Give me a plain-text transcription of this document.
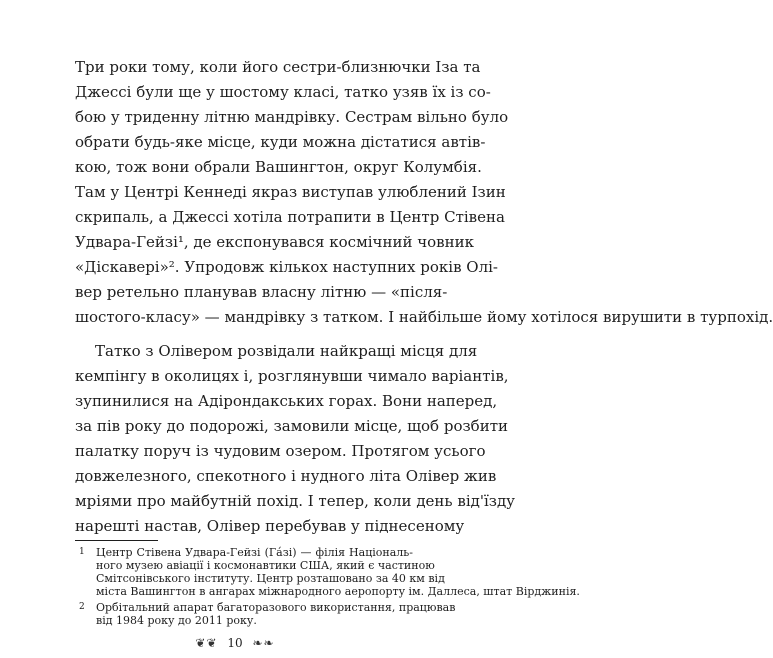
Три роки тому, коли його сестри-близнючки Іза та
Джессі були ще у шостому класі, татко узяв їх із со-
бою у триденну літню мандрівку. Сестрам вільно було
обрати будь-яке місце, куди можна дістатися автів-
кою, тож вони обрали Вашингтон, округ Колумбія.
Там у Центрі Кеннеді якраз виступав улюблений Ізин
скрипаль, а Джессі хотіла потрапити в Центр Стівена
Удвара-Гейзі¹, де експонувався космічний човник
«Діскавері»². Упродовж кількох наступних років Олі-
вер ретельно планував власну літню — «після-
шостого-класу» — мандрівку з татком. І найбільше йому хотілося вирушити в турпохід.
Татко з Олівером розвідали найкращі місця для
кемпінгу в околицях і, розглянувши чимало варіантів,
зупинилися на Адірондакських горах. Вони наперед,
за пів року до подорожі, замовили місце, щоб розбити
палатку поруч із чудовим озером. Протягом усього
довжелезного, спекотного і нудного літа Олівер жив
мріями про майбутній похід. І тепер, коли день від'їзду
нарешті настав, Олівер перебував у піднесеному
1 Центр Стівена Удвара-Гейзі (Гáзі) — філія Національ-
ного музею авіації і космонавтики США, який є частиною
Смітсонівського інституту. Центр розташовано за 40 км від
міста Вашингтон в ангарах міжнародного аеропорту ім. Даллеса, штат Вірджинія.
2 Орбітальний апарат багаторазового використання, працював
від 1984 року до 2011 року.
❦❦ 10 ❧❧
